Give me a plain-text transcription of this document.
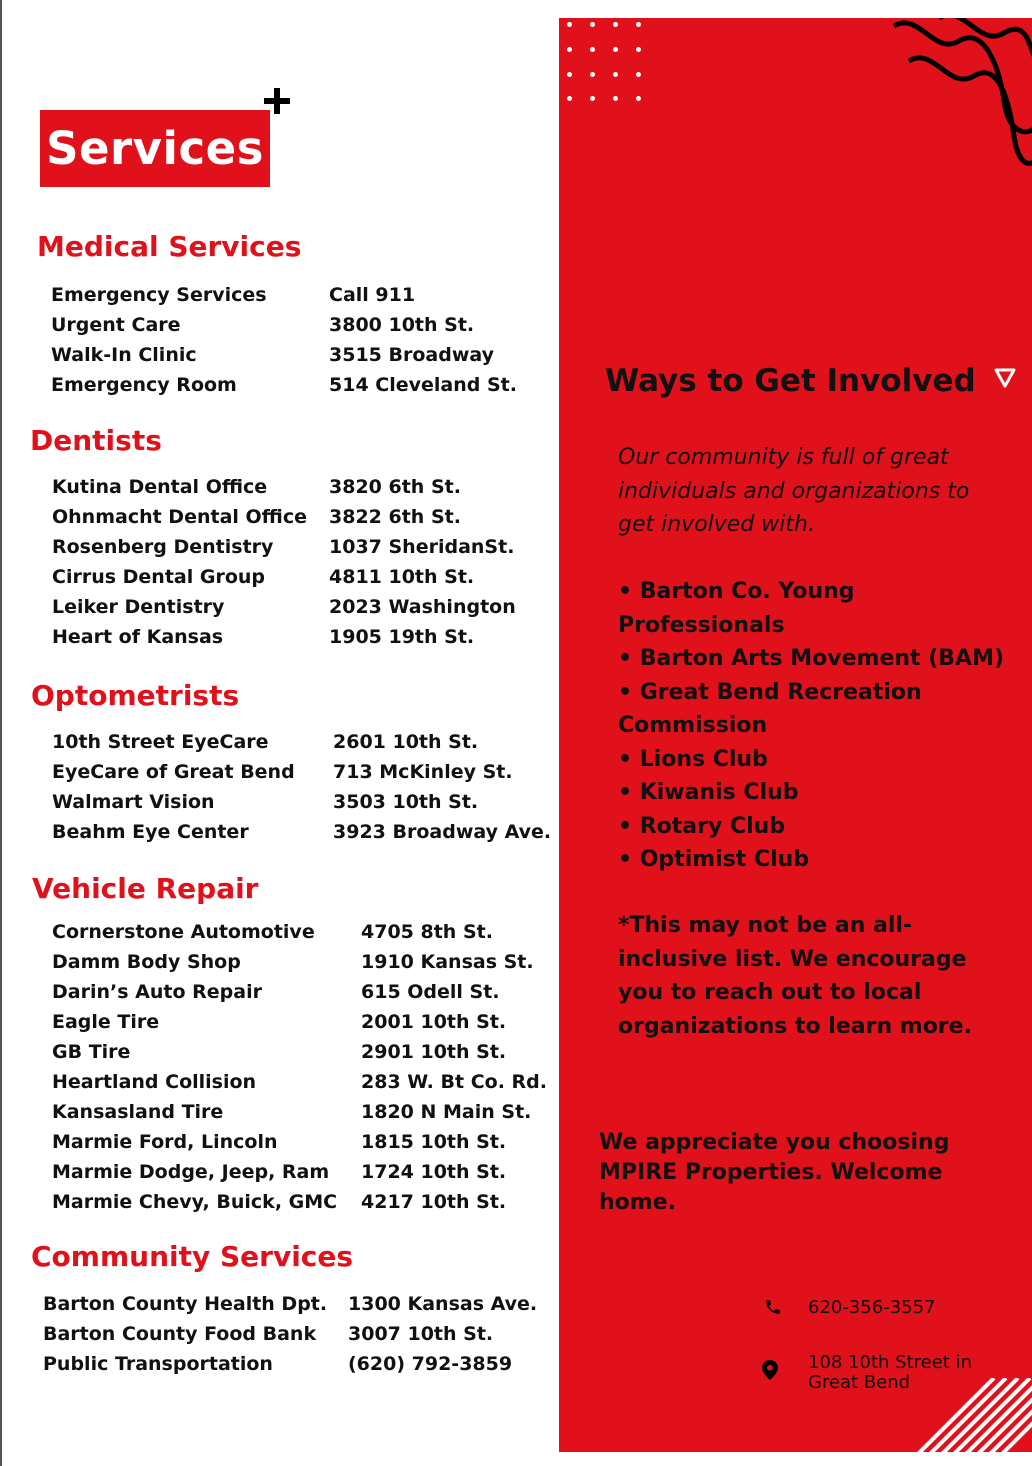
Services
Medical Services
Emergency Services	Call 911
Urgent Care	3800 10th St.
Walk-In Clinic	3515 Broadway
Emergency Room	514 Cleveland St.
Dentists
Kutina Dental Office	3820 6th St.
Ohnmacht Dental Office	3822 6th St.
Rosenberg Dentistry	1037 SheridanSt.
Cirrus Dental Group	4811 10th St.
Leiker Dentistry	2023 Washington
Heart of Kansas	1905 19th St.
Optometrists
10th Street EyeCare	2601 10th St.
EyeCare of Great Bend	713 McKinley St.
Walmart Vision	3503 10th St.
Beahm Eye Center	3923 Broadway Ave.
Vehicle Repair
Cornerstone Automotive	4705 8th St.
Damm Body Shop	1910 Kansas St.
Darin’s Auto Repair	615 Odell St.
Eagle Tire	2001 10th St.
GB Tire	2901 10th St.
Heartland Collision	283 W. Bt Co. Rd.
Kansasland Tire	1820 N Main St.
Marmie Ford, Lincoln	1815 10th St.
Marmie Dodge, Jeep, Ram	1724 10th St.
Marmie Chevy, Buick, GMC	4217 10th St.
Community Services
Barton County Health Dpt.	1300 Kansas Ave.
Barton County Food Bank	3007 10th St.
Public Transportation	(620) 792-3859
Ways to Get Involved
Our community is full of great individuals and organizations to get involved with.
• Barton Co. Young Professionals
• Barton Arts Movement (BAM)
• Great Bend Recreation Commission
• Lions Club
• Kiwanis Club
• Rotary Club
• Optimist Club
*This may not be an all-inclusive list. We encourage you to reach out to local organizations to learn more.
We appreciate you choosing MPIRE Properties. Welcome home.
620-356-3557
108 10th Street in
Great Bend
